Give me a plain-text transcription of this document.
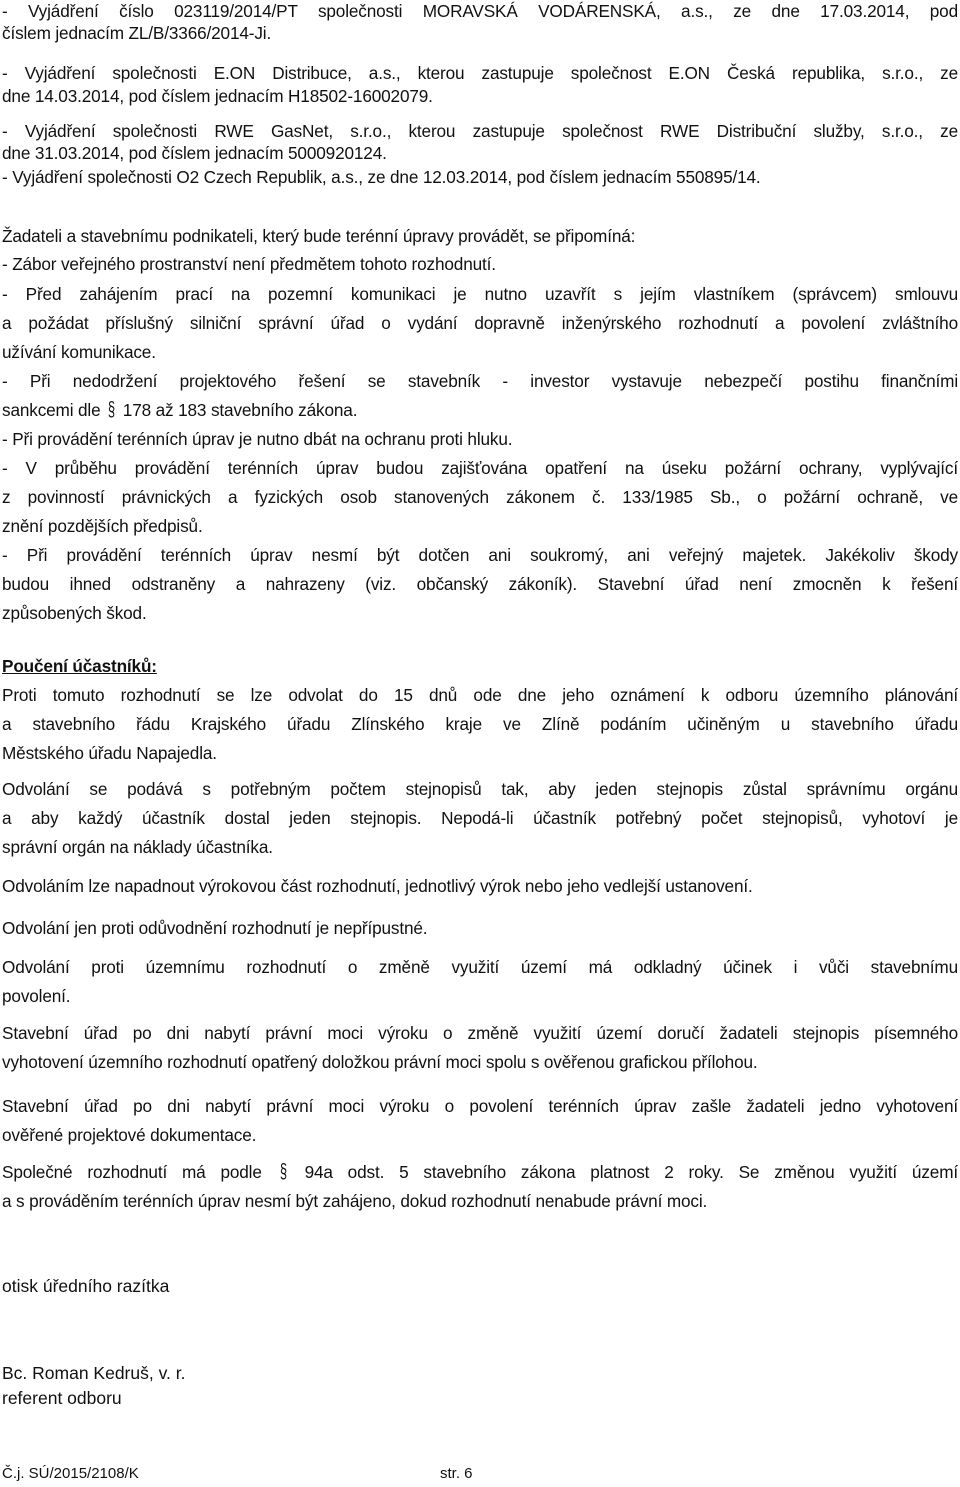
- Vyjádření číslo 023119/2014/PT společnosti MORAVSKÁ VODÁRENSKÁ, a.s., ze dne 17.03.2014, pod
číslem jednacím ZL/B/3366/2014-Ji.
- Vyjádření společnosti E.ON Distribuce, a.s., kterou zastupuje společnost E.ON Česká republika, s.r.o., ze
dne 14.03.2014, pod číslem jednacím H18502-16002079.
- Vyjádření společnosti RWE GasNet, s.r.o., kterou zastupuje společnost RWE Distribuční služby, s.r.o., ze
dne 31.03.2014, pod číslem jednacím 5000920124.
- Vyjádření společnosti O2 Czech Republik, a.s., ze dne 12.03.2014, pod číslem jednacím 550895/14.
Žadateli a stavebnímu podnikateli, který bude terénní úpravy provádět, se připomíná:
- Zábor veřejného prostranství není předmětem tohoto rozhodnutí.
- Před zahájením prací na pozemní komunikaci je nutno uzavřít s jejím vlastníkem (správcem) smlouvu
a požádat příslušný silniční správní úřad o vydání dopravně inženýrského rozhodnutí a povolení zvláštního
užívání komunikace.
- Při nedodržení projektového řešení se stavebník - investor vystavuje nebezpečí postihu finančními
sankcemi dle § 178 až 183 stavebního zákona.
- Při provádění terénních úprav je nutno dbát na ochranu proti hluku.
- V průběhu provádění terénních úprav budou zajišťována opatření na úseku požární ochrany, vyplývající
z povinností právnických a fyzických osob stanovených zákonem č. 133/1985 Sb., o požární ochraně, ve
znění pozdějších předpisů.
- Při provádění terénních úprav nesmí být dotčen ani soukromý, ani veřejný majetek. Jakékoliv škody
budou ihned odstraněny a nahrazeny (viz. občanský zákoník). Stavební úřad není zmocněn k řešení
způsobených škod.
Poučení účastníků:
Proti tomuto rozhodnutí se lze odvolat do 15 dnů ode dne jeho oznámení k odboru územního plánování
a stavebního řádu Krajského úřadu Zlínského kraje ve Zlíně podáním učiněným u stavebního úřadu
Městského úřadu Napajedla.
Odvolání se podává s potřebným počtem stejnopisů tak, aby jeden stejnopis zůstal správnímu orgánu
a aby každý účastník dostal jeden stejnopis. Nepodá-li účastník potřebný počet stejnopisů, vyhotoví je
správní orgán na náklady účastníka.
Odvoláním lze napadnout výrokovou část rozhodnutí, jednotlivý výrok nebo jeho vedlejší ustanovení.
Odvolání jen proti odůvodnění rozhodnutí je nepřípustné.
Odvolání proti územnímu rozhodnutí o změně využití území má odkladný účinek i vůči stavebnímu
povolení.
Stavební úřad po dni nabytí právní moci výroku o změně využití území doručí žadateli stejnopis písemného
vyhotovení územního rozhodnutí opatřený doložkou právní moci spolu s ověřenou grafickou přílohou.
Stavební úřad po dni nabytí právní moci výroku o povolení terénních úprav zašle žadateli jedno vyhotovení
ověřené projektové dokumentace.
Společné rozhodnutí má podle § 94a odst. 5 stavebního zákona platnost 2 roky. Se změnou využití území
a s prováděním terénních úprav nesmí být zahájeno, dokud rozhodnutí nenabude právní moci.
otisk úředního razítka
Bc. Roman Kedruš, v. r.
referent odboru
Č.j. SÚ/2015/2108/K	str. 6
